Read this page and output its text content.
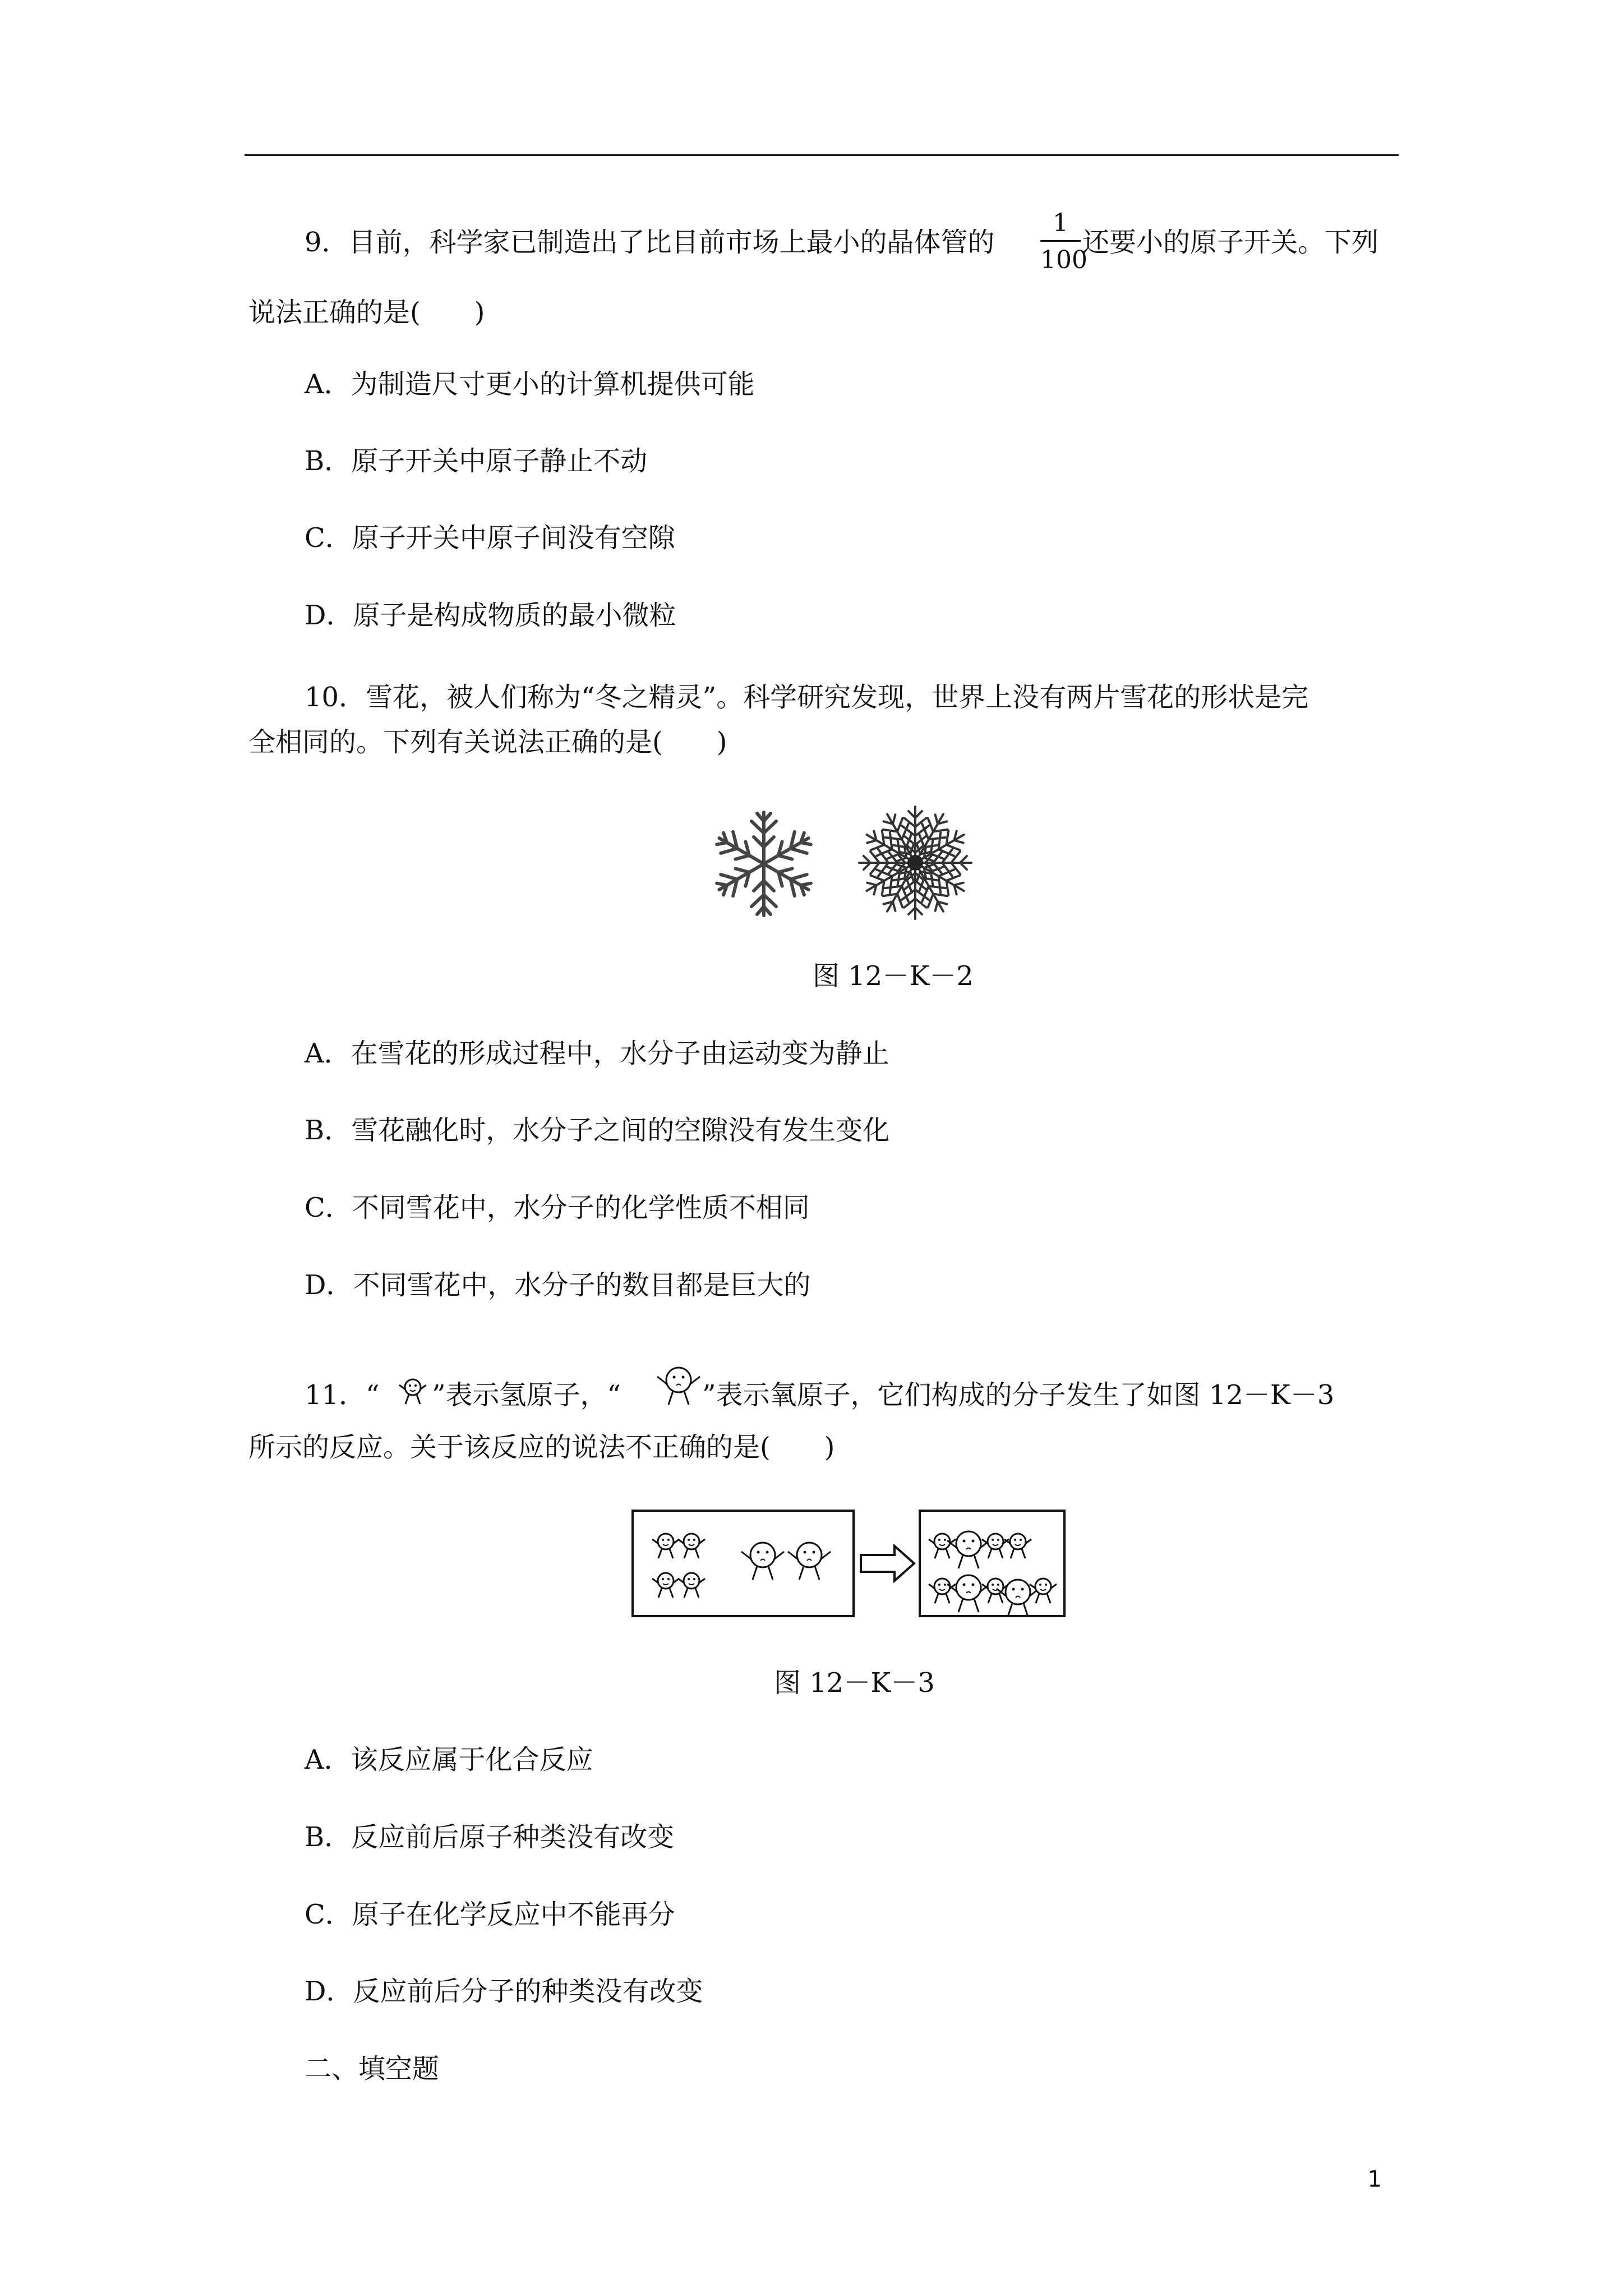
9．目前，科学家已制造出了比目前市场上最小的晶体管的
1
100
还要小的原子开关。下列
说法正确的是(　　)
A．为制造尺寸更小的计算机提供可能
B．原子开关中原子静止不动
C．原子开关中原子间没有空隙
D．原子是构成物质的最小微粒
10．雪花，被人们称为“冬之精灵”。科学研究发现，世界上没有两片雪花的形状是完
全相同的。下列有关说法正确的是(　　)
图 12－K－2
A．在雪花的形成过程中，水分子由运动变为静止
B．雪花融化时，水分子之间的空隙没有发生变化
C．不同雪花中，水分子的化学性质不相同
D．不同雪花中，水分子的数目都是巨大的
11．“ ”表示氢原子，“	”表示氧原子，它们构成的分子发生了如图 12－K－3
所示的反应。关于该反应的说法不正确的是(　　)
图 12－K－3
A．该反应属于化合反应
B．反应前后原子种类没有改变
C．原子在化学反应中不能再分
D．反应前后分子的种类没有改变
二、填空题
1
